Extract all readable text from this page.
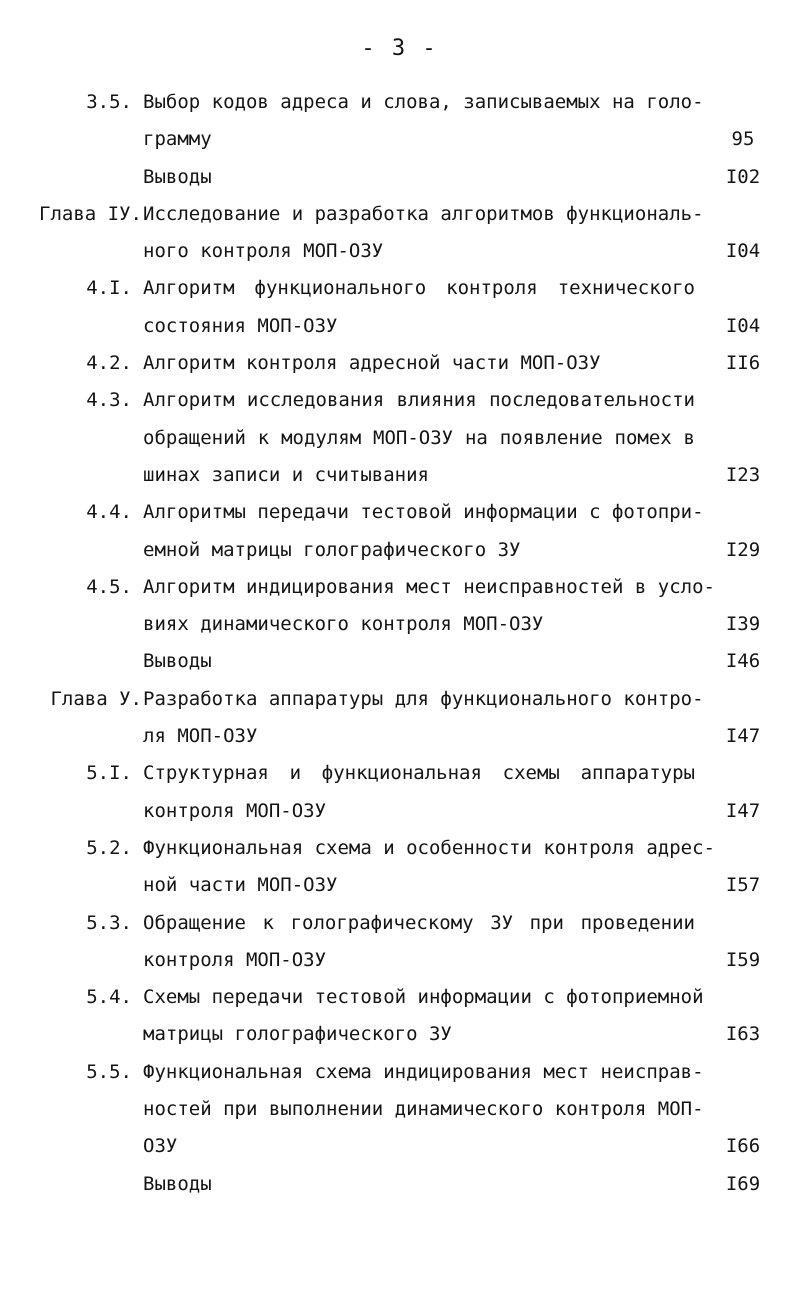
- 3 -
3.5. Выбор кодов адреса и слова, записываемых на голо-
грамму	95
Выводы	I02
Глава IУ. Исследование и разработка алгоритмов функциональ-
ного контроля МОП-ОЗУ	I04
4.I. Алгоритм функционального контроля технического
состояния МОП-ОЗУ	I04
4.2. Алгоритм контроля адресной части МОП-ОЗУ	II6
4.3. Алгоритм исследования влияния последовательности
обращений к модулям МОП-ОЗУ на появление помех в
шинах записи и считывания	I23
4.4. Алгоритмы передачи тестовой информации с фотопри-
емной матрицы голографического ЗУ	I29
4.5. Алгоритм индицирования мест неисправностей в усло-
виях динамического контроля МОП-ОЗУ	I39
Выводы	I46
Глава У. Разработка аппаратуры для функционального контро-
ля МОП-ОЗУ	I47
5.I. Структурная и функциональная схемы аппаратуры
контроля МОП-ОЗУ	I47
5.2. Функциональная схема и особенности контроля адрес-
ной части МОП-ОЗУ	I57
5.3. Обращение к голографическому ЗУ при проведении
контроля МОП-ОЗУ	I59
5.4. Схемы передачи тестовой информации с фотоприемной
матрицы голографического ЗУ	I63
5.5. Функциональная схема индицирования мест неисправ-
ностей при выполнении динамического контроля МОП-
ОЗУ	I66
Выводы	I69
